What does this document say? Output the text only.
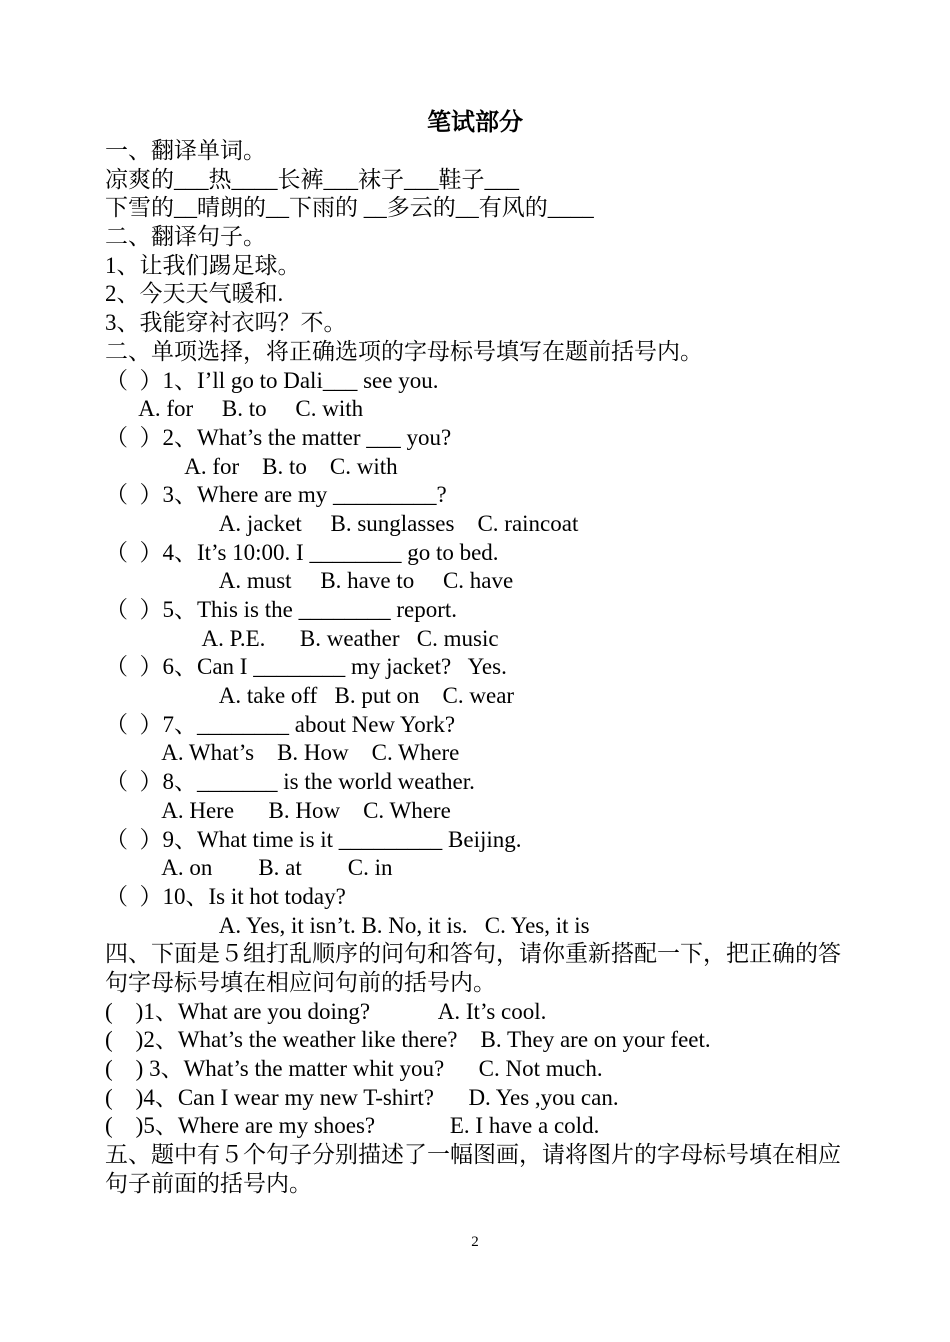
笔试部分
一、翻译单词。
凉爽的___热____长裤___袜子___鞋子___
下雪的__晴朗的__下雨的 __多云的__有风的____
二、翻译句子。
1、让我们踢足球。
2、今天天气暖和.
3、我能穿衬衣吗？不。
二、单项选择，将正确选项的字母标号填写在题前括号内。
（  ）1、I’ll go to Dali___ see you.
A. for     B. to     C. with
（  ）2、What’s the matter ___ you?
A. for    B. to    C. with
（  ）3、Where are my _________?
A. jacket     B. sunglasses    C. raincoat
（  ）4、It’s 10:00. I ________ go to bed.
A. must     B. have to     C. have
（  ）5、This is the ________ report.
A. P.E.      B. weather   C. music
（  ）6、Can I ________ my jacket?   Yes.
A. take off   B. put on    C. wear
（  ）7、________ about New York?
A. What’s    B. How    C. Where
（  ）8、_______ is the world weather.
A. Here      B. How    C. Where
（  ）9、What time is it _________ Beijing.
A. on        B. at        C. in
（  ）10、Is it hot today?
A. Yes, it isn’t. B. No, it is.   C. Yes, it is
四、下面是５组打乱顺序的问句和答句，请你重新搭配一下，把正确的答句字母标号填在相应问句前的括号内。
(    )1、What are you doing?            A. It’s cool.
(    )2、What’s the weather like there?    B. They are on your feet.
(    ) 3、What’s the matter whit you?      C. Not much.
(    )4、Can I wear my new T-shirt?      D. Yes ,you can.
(    )5、Where are my shoes?             E. I have a cold.
五、题中有５个句子分别描述了一幅图画，请将图片的字母标号填在相应句子前面的括号内。
2
